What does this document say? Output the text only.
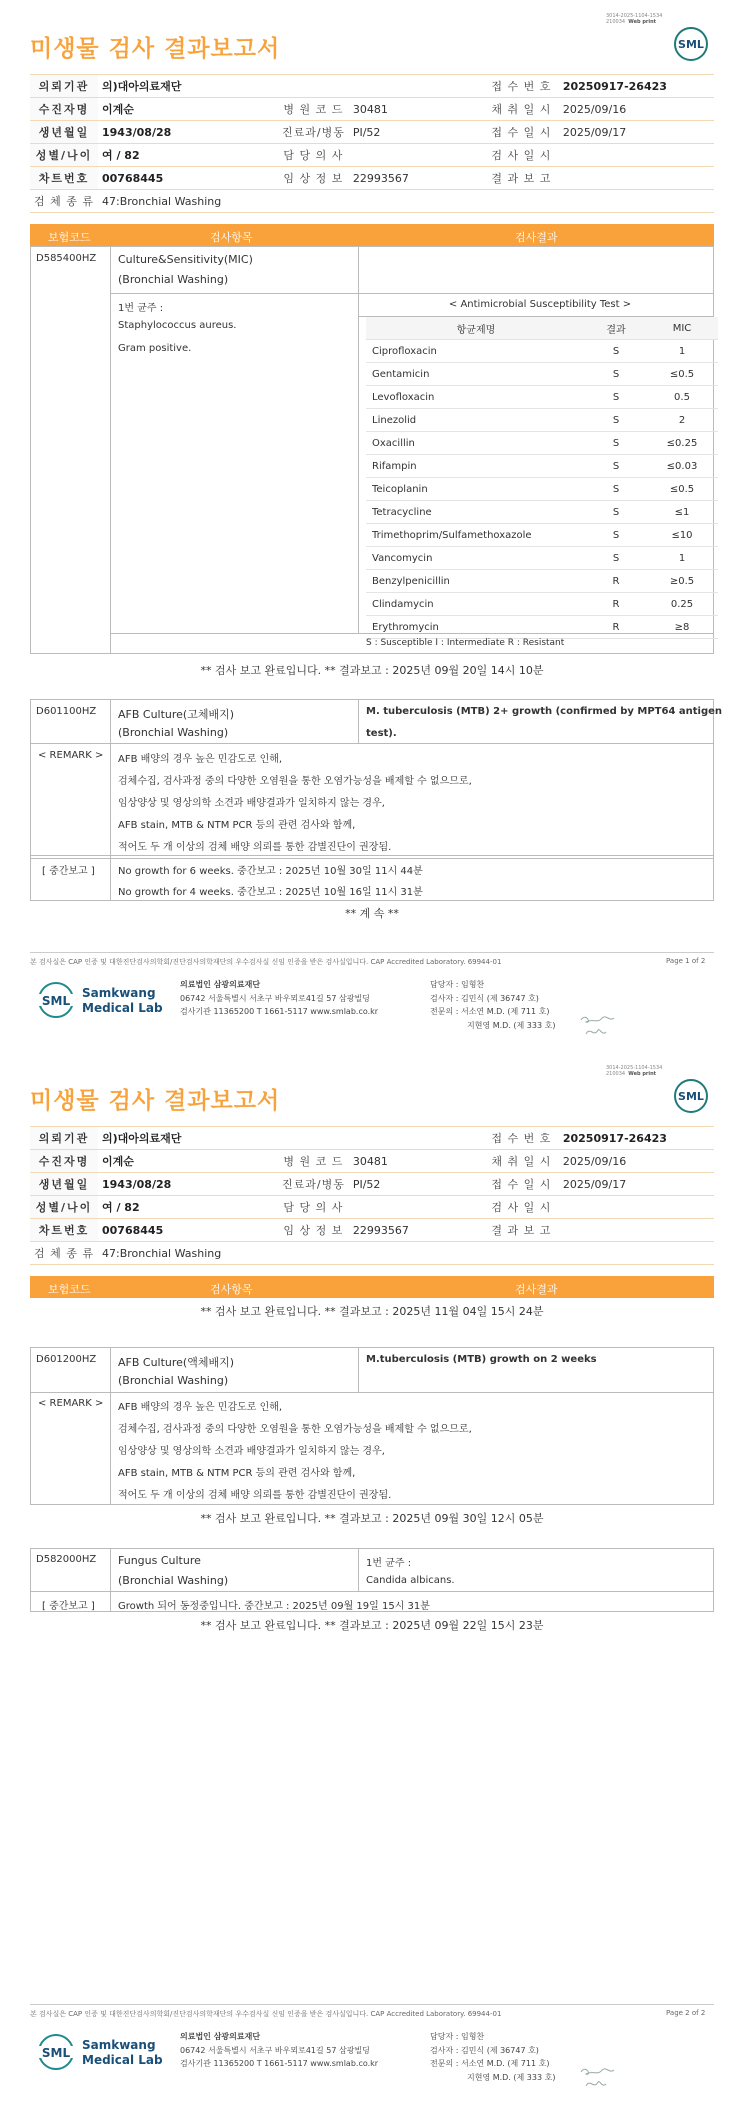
3014-2025-1104-1534
210034 Web print
미생물 검사 결과보고서	SML
의뢰기관	의)대아의료재단			접 수 번 호	20250917-26423
수진자명	이계순	병 원 코 드	30481	채 취 일 시	2025/09/16
생년월일	1943/08/28	진료과/병동	PI/52	접 수 일 시	2025/09/17
성별/나이	여 / 82	담 당 의 사		검 사 일 시	
차트번호	00768445	임 상 정 보	22993567	결 과 보 고	
검 체 종 류	47:Bronchial Washing				
보험코드	검사항목	검사결과
D585400HZ Culture&Sensitivity(MIC)
(Bronchial Washing)
1번 균주 :
Staphylococcus aureus.
Gram positive.
< Antimicrobial Susceptibility Test >
항균제명	결과	MIC
Ciprofloxacin	S	1
Gentamicin	S	≤0.5
Levofloxacin	S	0.5
Linezolid	S	2
Oxacillin	S	≤0.25
Rifampin	S	≤0.03
Teicoplanin	S	≤0.5
Tetracycline	S	≤1
Trimethoprim/Sulfamethoxazole	S	≤10
Vancomycin	S	1
Benzylpenicillin	R	≥0.5
Clindamycin	R	0.25
Erythromycin	R	≥8
S : Susceptible I : Intermediate R : Resistant
** 검사 보고 완료입니다. ** 결과보고 : 2025년 09월 20일 14시 10분
D601100HZ AFB Culture(고체배지)
(Bronchial Washing)
M. tuberculosis (MTB) 2+ growth (confirmed by MPT64 antigen
test).
< REMARK > AFB 배양의 경우 높은 민감도로 인해,
검체수집, 검사과정 중의 다양한 오염원을 통한 오염가능성을 배제할 수 없으므로,
임상양상 및 영상의학 소견과 배양결과가 일치하지 않는 경우,
AFB stain, MTB & NTM PCR 등의 관련 검사와 함께,
적어도 두 개 이상의 검체 배양 의뢰를 통한 감별진단이 권장됨.
[ 중간보고 ] No growth for 6 weeks. 중간보고 : 2025년 10월 30일 11시 44분
No growth for 4 weeks. 중간보고 : 2025년 10월 16일 11시 31분
** 계 속 **
본 검사실은 CAP 인증 및 대한진단검사의학회/진단검사의학재단의 우수검사실 신임 인증을 받은 검사실입니다. CAP Accredited Laboratory. 69944-01	Page 1 of 2
SML
Samkwang
Medical Lab
의료법인 삼광의료재단
06742 서울특별시 서초구 바우뫼로41길 57 삼광빌딩
검사기관 11365200 T 1661-5117 www.smlab.co.kr
담당자 : 임형찬
검사자 : 김민식 (제 36747 호)
전문의 : 서소연 M.D. (제 711 호)
지현영 M.D. (제 333 호)
3014-2025-1104-1534
210034 Web print
미생물 검사 결과보고서	SML
의뢰기관	의)대아의료재단			접 수 번 호	20250917-26423
수진자명	이계순	병 원 코 드	30481	채 취 일 시	2025/09/16
생년월일	1943/08/28	진료과/병동	PI/52	접 수 일 시	2025/09/17
성별/나이	여 / 82	담 당 의 사		검 사 일 시	
차트번호	00768445	임 상 정 보	22993567	결 과 보 고	
검 체 종 류	47:Bronchial Washing				
보험코드	검사항목	검사결과
** 검사 보고 완료입니다. ** 결과보고 : 2025년 11월 04일 15시 24분
D601200HZ AFB Culture(액체배지)
(Bronchial Washing)
M.tuberculosis (MTB) growth on 2 weeks
< REMARK > AFB 배양의 경우 높은 민감도로 인해,
검체수집, 검사과정 중의 다양한 오염원을 통한 오염가능성을 배제할 수 없으므로,
임상양상 및 영상의학 소견과 배양결과가 일치하지 않는 경우,
AFB stain, MTB & NTM PCR 등의 관련 검사와 함께,
적어도 두 개 이상의 검체 배양 의뢰를 통한 감별진단이 권장됨.
** 검사 보고 완료입니다. ** 결과보고 : 2025년 09월 30일 12시 05분
D582000HZ Fungus Culture
(Bronchial Washing)
1번 균주 :
Candida albicans.
[ 중간보고 ] Growth 되어 동정중입니다. 중간보고 : 2025년 09월 19일 15시 31분
** 검사 보고 완료입니다. ** 결과보고 : 2025년 09월 22일 15시 23분
본 검사실은 CAP 인증 및 대한진단검사의학회/진단검사의학재단의 우수검사실 신임 인증을 받은 검사실입니다. CAP Accredited Laboratory. 69944-01	Page 2 of 2
SML
Samkwang
Medical Lab
의료법인 삼광의료재단
06742 서울특별시 서초구 바우뫼로41길 57 삼광빌딩
검사기관 11365200 T 1661-5117 www.smlab.co.kr
담당자 : 임형찬
검사자 : 김민식 (제 36747 호)
전문의 : 서소연 M.D. (제 711 호)
지현영 M.D. (제 333 호)
